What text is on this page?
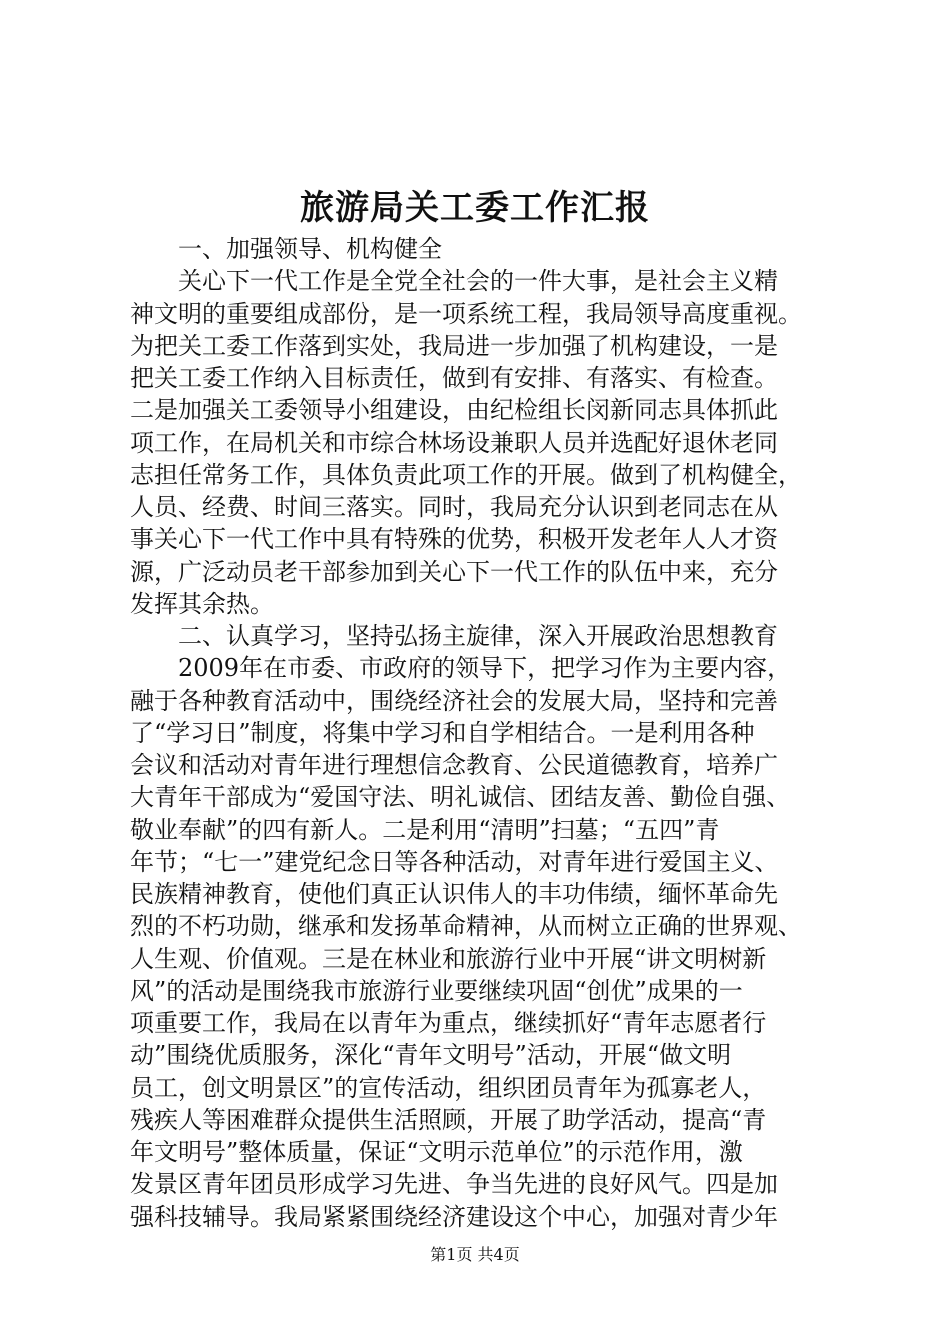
旅游局关工委工作汇报
　　一、加强领导、机构健全
　　关心下一代工作是全党全社会的一件大事，是社会主义精
神文明的重要组成部份，是一项系统工程，我局领导高度重视。
为把关工委工作落到实处，我局进一步加强了机构建设，一是
把关工委工作纳入目标责任，做到有安排、有落实、有检查。
二是加强关工委领导小组建设，由纪检组长闵新同志具体抓此
项工作，在局机关和市综合林场设兼职人员并选配好退休老同
志担任常务工作，具体负责此项工作的开展。做到了机构健全，
人员、经费、时间三落实。同时，我局充分认识到老同志在从
事关心下一代工作中具有特殊的优势，积极开发老年人人才资
源，广泛动员老干部参加到关心下一代工作的队伍中来，充分
发挥其余热。
　　二、认真学习，坚持弘扬主旋律，深入开展政治思想教育
　　2009年在市委、市政府的领导下，把学习作为主要内容，
融于各种教育活动中，围绕经济社会的发展大局，坚持和完善
了“学习日”制度，将集中学习和自学相结合。一是利用各种
会议和活动对青年进行理想信念教育、公民道德教育，培养广
大青年干部成为“爱国守法、明礼诚信、团结友善、勤俭自强、
敬业奉献”的四有新人。二是利用“清明”扫墓；“五四”青
年节；“七一”建党纪念日等各种活动，对青年进行爱国主义、
民族精神教育，使他们真正认识伟人的丰功伟绩，缅怀革命先
烈的不朽功勋，继承和发扬革命精神，从而树立正确的世界观、
人生观、价值观。三是在林业和旅游行业中开展“讲文明树新
风”的活动是围绕我市旅游行业要继续巩固“创优”成果的一
项重要工作，我局在以青年为重点，继续抓好“青年志愿者行
动”围绕优质服务，深化“青年文明号”活动，开展“做文明
员工，创文明景区”的宣传活动，组织团员青年为孤寡老人，
残疾人等困难群众提供生活照顾，开展了助学活动，提高“青
年文明号”整体质量，保证“文明示范单位”的示范作用，激
发景区青年团员形成学习先进、争当先进的良好风气。四是加
强科技辅导。我局紧紧围绕经济建设这个中心，加强对青少年
第1页 共4页
